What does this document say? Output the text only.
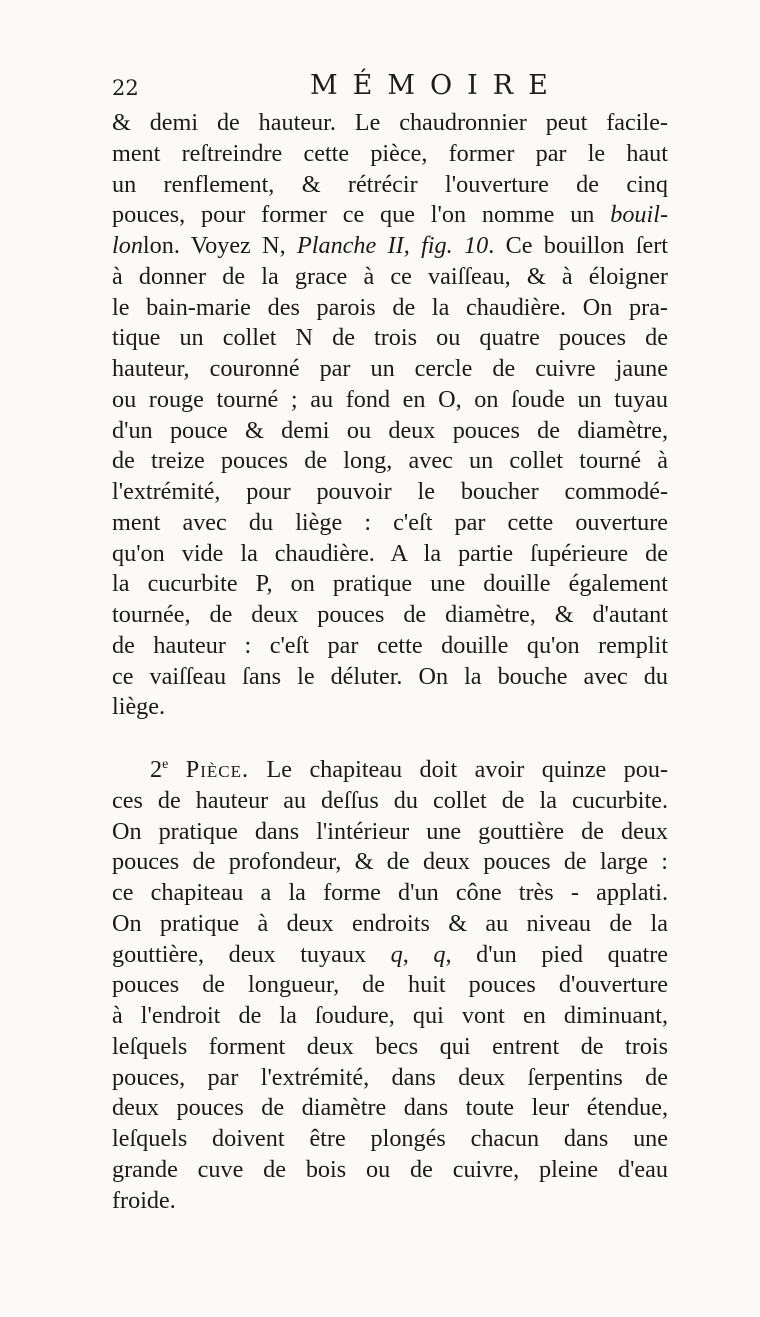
22	MÉMOIRE
& demi de hauteur. Le chaudronnier peut facile-
ment reſtreindre cette pièce, former par le haut
un renflement, & rétrécir l'ouverture de cinq
pouces, pour former ce que l'on nomme un bouil-
lonlon. Voyez N, Planche II, fig. 10. Ce bouillon ſert
à donner de la grace à ce vaiſſeau, & à éloigner
le bain-marie des parois de la chaudière. On pra-
tique un collet N de trois ou quatre pouces de
hauteur, couronné par un cercle de cuivre jaune
ou rouge tourné ; au fond en O, on ſoude un tuyau
d'un pouce & demi ou deux pouces de diamètre,
de treize pouces de long, avec un collet tourné à
l'extrémité, pour pouvoir le boucher commodé-
ment avec du liège : c'eſt par cette ouverture
qu'on vide la chaudière. A la partie ſupérieure de
la cucurbite P, on pratique une douille également
tournée, de deux pouces de diamètre, & d'autant
de hauteur : c'eſt par cette douille qu'on remplit
ce vaiſſeau ſans le déluter. On la bouche avec du
liège.
2e Pièce. Le chapiteau doit avoir quinze pou-
ces de hauteur au deſſus du collet de la cucurbite.
On pratique dans l'intérieur une gouttière de deux
pouces de profondeur, & de deux pouces de large :
ce chapiteau a la forme d'un cône très - applati.
On pratique à deux endroits & au niveau de la
gouttière, deux tuyaux q, q, d'un pied quatre
pouces de longueur, de huit pouces d'ouverture
à l'endroit de la ſoudure, qui vont en diminuant,
leſquels forment deux becs qui entrent de trois
pouces, par l'extrémité, dans deux ſerpentins de
deux pouces de diamètre dans toute leur étendue,
leſquels doivent être plongés chacun dans une
grande cuve de bois ou de cuivre, pleine d'eau
froide.
